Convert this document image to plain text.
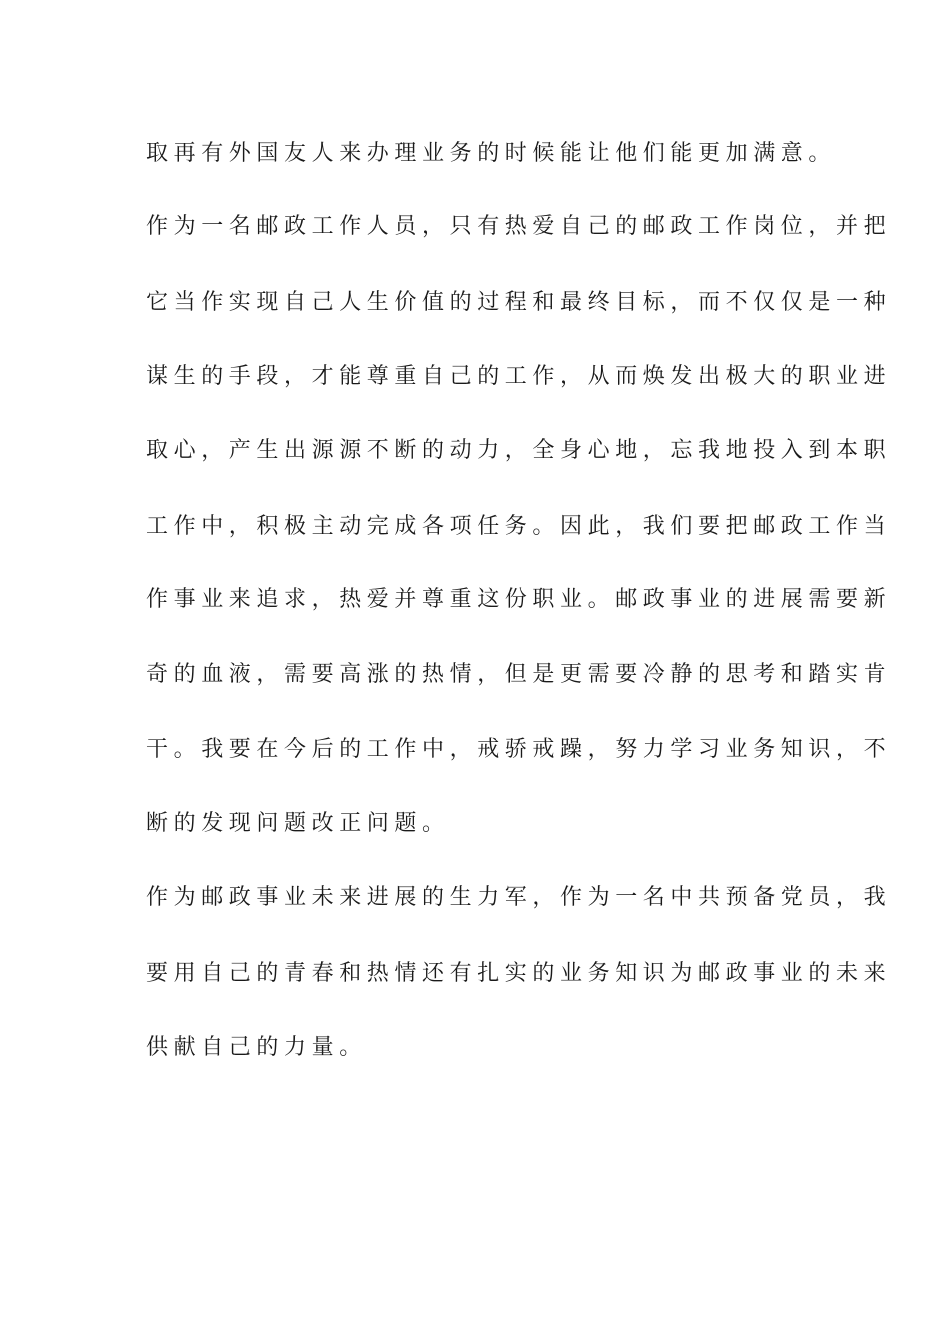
取再有外国友人来办理业务的时候能让他们能更加满意。
作为一名邮政工作人员，只有热爱自己的邮政工作岗位，并把
它当作实现自己人生价值的过程和最终目标，而不仅仅是一种
谋生的手段，才能尊重自己的工作，从而焕发出极大的职业进
取心，产生出源源不断的动力，全身心地，忘我地投入到本职
工作中，积极主动完成各项任务。因此，我们要把邮政工作当
作事业来追求，热爱并尊重这份职业。邮政事业的进展需要新
奇的血液，需要高涨的热情，但是更需要冷静的思考和踏实肯
干。我要在今后的工作中，戒骄戒躁，努力学习业务知识，不
断的发现问题改正问题。
作为邮政事业未来进展的生力军，作为一名中共预备党员，我
要用自己的青春和热情还有扎实的业务知识为邮政事业的未来
供献自己的力量。
